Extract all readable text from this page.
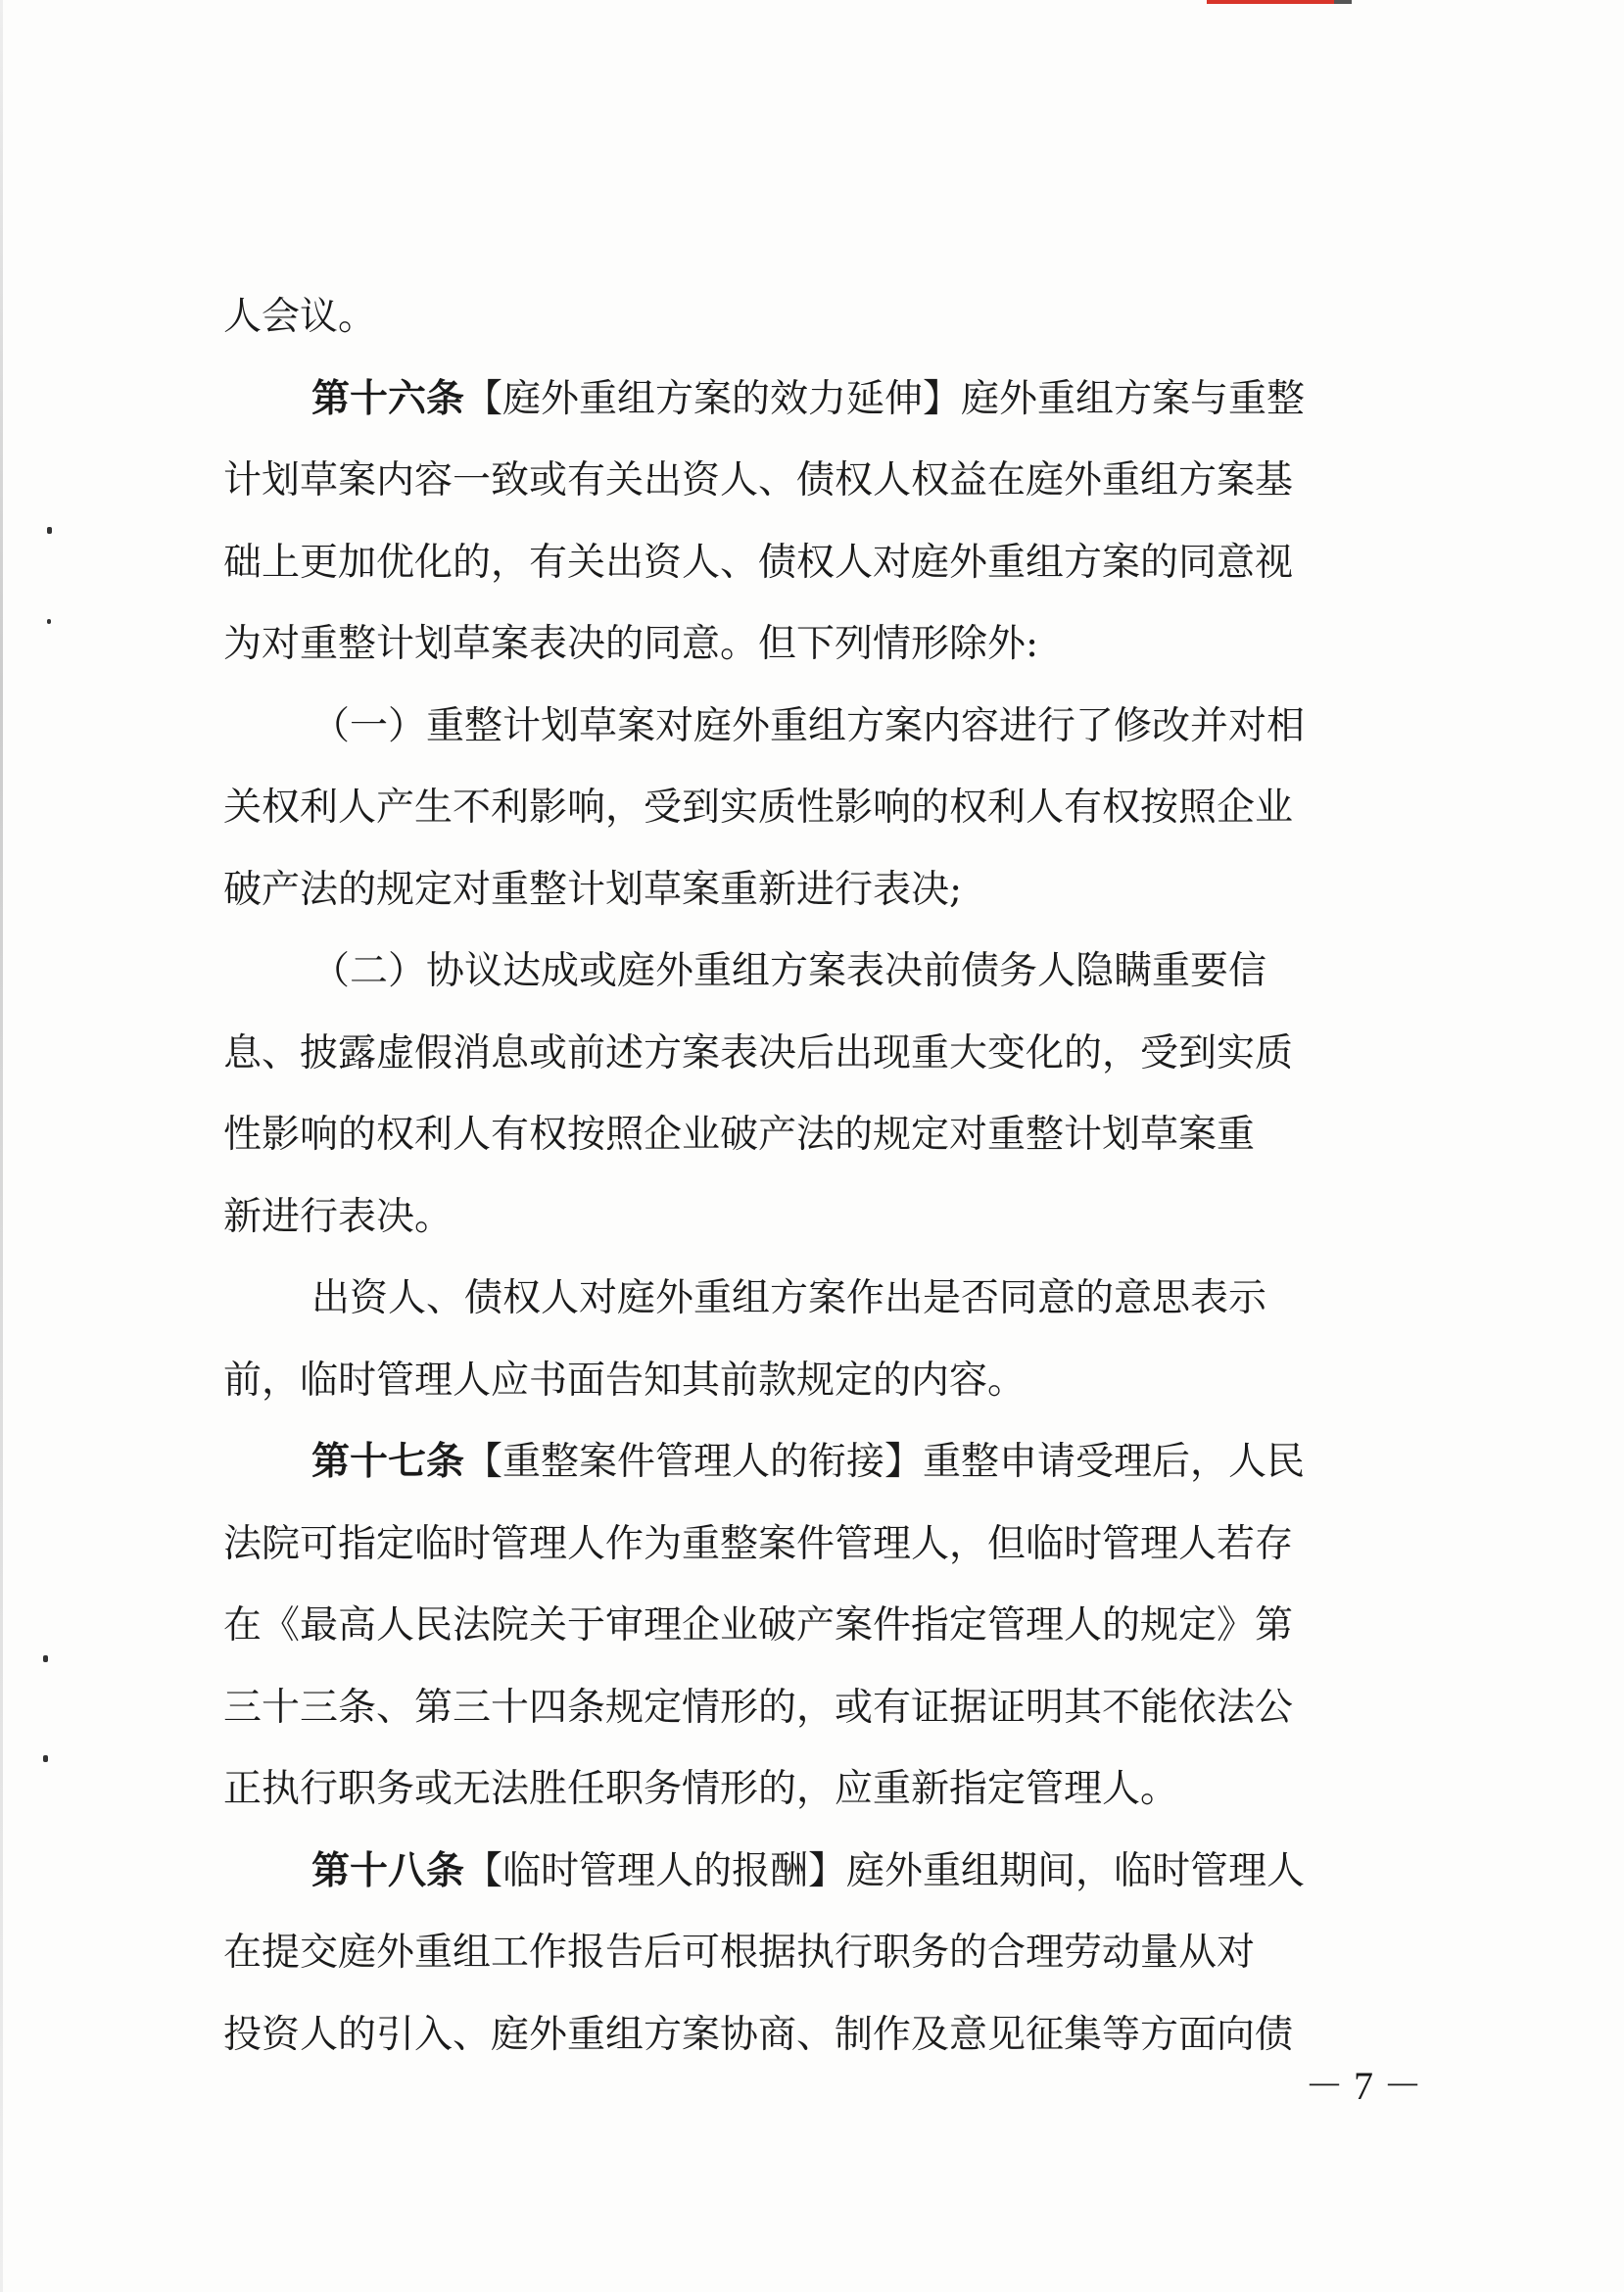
人会议。
第十六条【庭外重组方案的效力延伸】庭外重组方案与重整
计划草案内容一致或有关出资人、债权人权益在庭外重组方案基
础上更加优化的，有关出资人、债权人对庭外重组方案的同意视
为对重整计划草案表决的同意。但下列情形除外:
（一）重整计划草案对庭外重组方案内容进行了修改并对相
关权利人产生不利影响，受到实质性影响的权利人有权按照企业
破产法的规定对重整计划草案重新进行表决;
（二）协议达成或庭外重组方案表决前债务人隐瞒重要信
息、披露虚假消息或前述方案表决后出现重大变化的，受到实质
性影响的权利人有权按照企业破产法的规定对重整计划草案重
新进行表决。
出资人、债权人对庭外重组方案作出是否同意的意思表示
前，临时管理人应书面告知其前款规定的内容。
第十七条【重整案件管理人的衔接】重整申请受理后，人民
法院可指定临时管理人作为重整案件管理人，但临时管理人若存
在《最高人民法院关于审理企业破产案件指定管理人的规定》第
三十三条、第三十四条规定情形的，或有证据证明其不能依法公
正执行职务或无法胜任职务情形的，应重新指定管理人。
第十八条【临时管理人的报酬】庭外重组期间，临时管理人
在提交庭外重组工作报告后可根据执行职务的合理劳动量从对
投资人的引入、庭外重组方案协商、制作及意见征集等方面向债
－ 7 －
